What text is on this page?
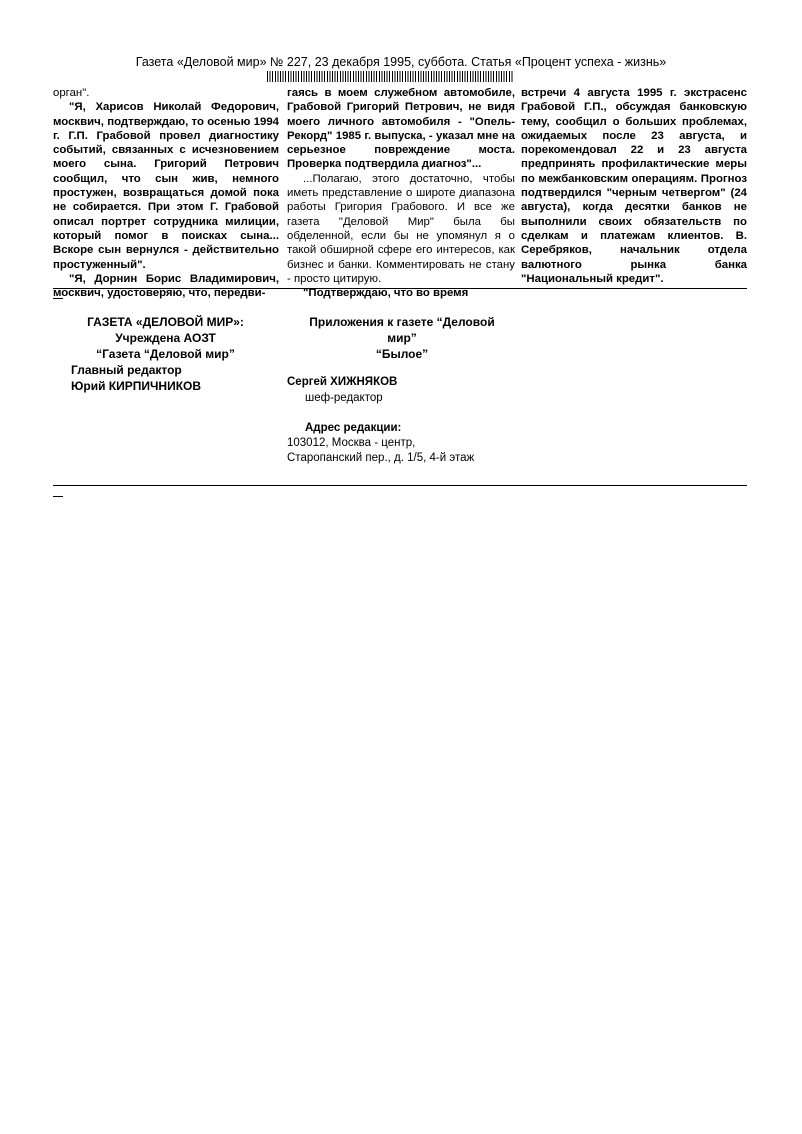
Газета «Деловой мир» № 227, 23 декабря 1995, суббота. Статья «Процент успеха - жизнь»

орган".

"Я, Харисов Николай Федорович, москвич, подтверждаю, то осенью 1994 г. Г.П. Грабовой провел диагностику событий, связанных с исчезновением моего сына. Григорий Петрович сообщил, что сын жив, немного простужен, возвращаться домой пока не собирается. При этом Г. Грабовой описал портрет сотрудника милиции, который помог в поисках сына... Вскоре сын вернулся - действительно простуженный".

"Я, Дорнин Борис Владимирович, москвич, удостоверяю, что, передви-

гаясь в моем служебном автомобиле, Грабовой Григорий Петрович, не видя моего личного автомобиля - "Опель-Рекорд" 1985 г. выпуска, - указал мне на серьезное повреждение моста. Проверка подтвердила диагноз"...

...Полагаю, этого достаточно, чтобы иметь представление о широте диапазона работы Григория Грабового. И все же газета "Деловой Мир" была бы обделенной, если бы не упомянул я о такой обширной сфере его интересов, как бизнес и банки. Комментировать не стану - просто цитирую.

"Подтверждаю, что во время

встречи 4 августа 1995 г. экстрасенс Грабовой Г.П., обсуждая банковскую тему, сообщил о больших проблемах, ожидаемых после 23 августа, и порекомендовал 22 и 23 августа предпринять профилактические меры по межбанковским операциям. Прогноз подтвердился "черным четвергом" (24 августа), когда десятки банков не выполнили своих обязательств по сделкам и платежам клиентов. В. Серебряков, начальник отдела валютного рынка банка "Национальный кредит".

ГАЗЕТА «ДЕЛОВОЙ МИР»:
Учреждена АОЗТ
“Газета “Деловой мир”
Главный редактор
Юрий КИРПИЧНИКОВ
Приложения к газете “Деловой
мир”
“Былое”
Сергей ХИЖНЯКОВ
шеф-редактор
Адрес редакции:
103012, Москва - центр,
Старопанский пер., д. 1/5, 4-й этаж
